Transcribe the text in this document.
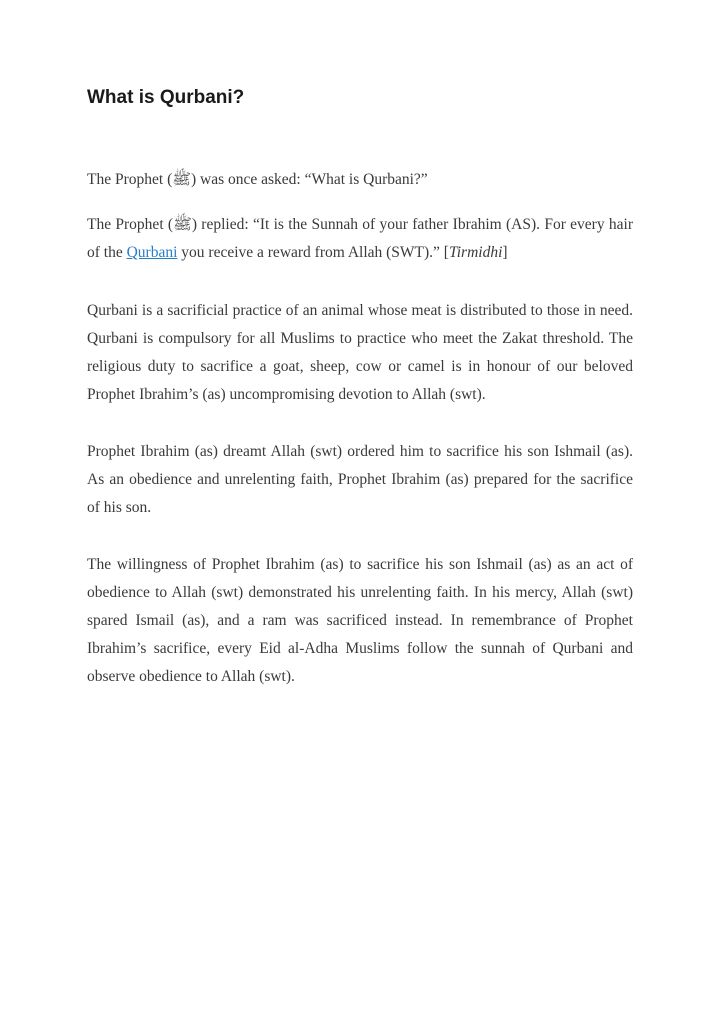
What is Qurbani?

The Prophet (ﷺ) was once asked: “What is Qurbani?”

The Prophet (ﷺ) replied: “It is the Sunnah of your father Ibrahim (AS). For every hair of the Qurbani you receive a reward from Allah (SWT).” [Tirmidhi]

Qurbani is a sacrificial practice of an animal whose meat is distributed to those in need. Qurbani is compulsory for all Muslims to practice who meet the Zakat threshold. The religious duty to sacrifice a goat, sheep, cow or camel is in honour of our beloved Prophet Ibrahim’s (as) uncompromising devotion to Allah (swt).

Prophet Ibrahim (as) dreamt Allah (swt) ordered him to sacrifice his son Ishmail (as). As an obedience and unrelenting faith, Prophet Ibrahim (as) prepared for the sacrifice of his son.

The willingness of Prophet Ibrahim (as) to sacrifice his son Ishmail (as) as an act of obedience to Allah (swt) demonstrated his unrelenting faith. In his mercy, Allah (swt) spared Ismail (as), and a ram was sacrificed instead. In remembrance of Prophet Ibrahim’s sacrifice, every Eid al-Adha Muslims follow the sunnah of Qurbani and observe obedience to Allah (swt).
